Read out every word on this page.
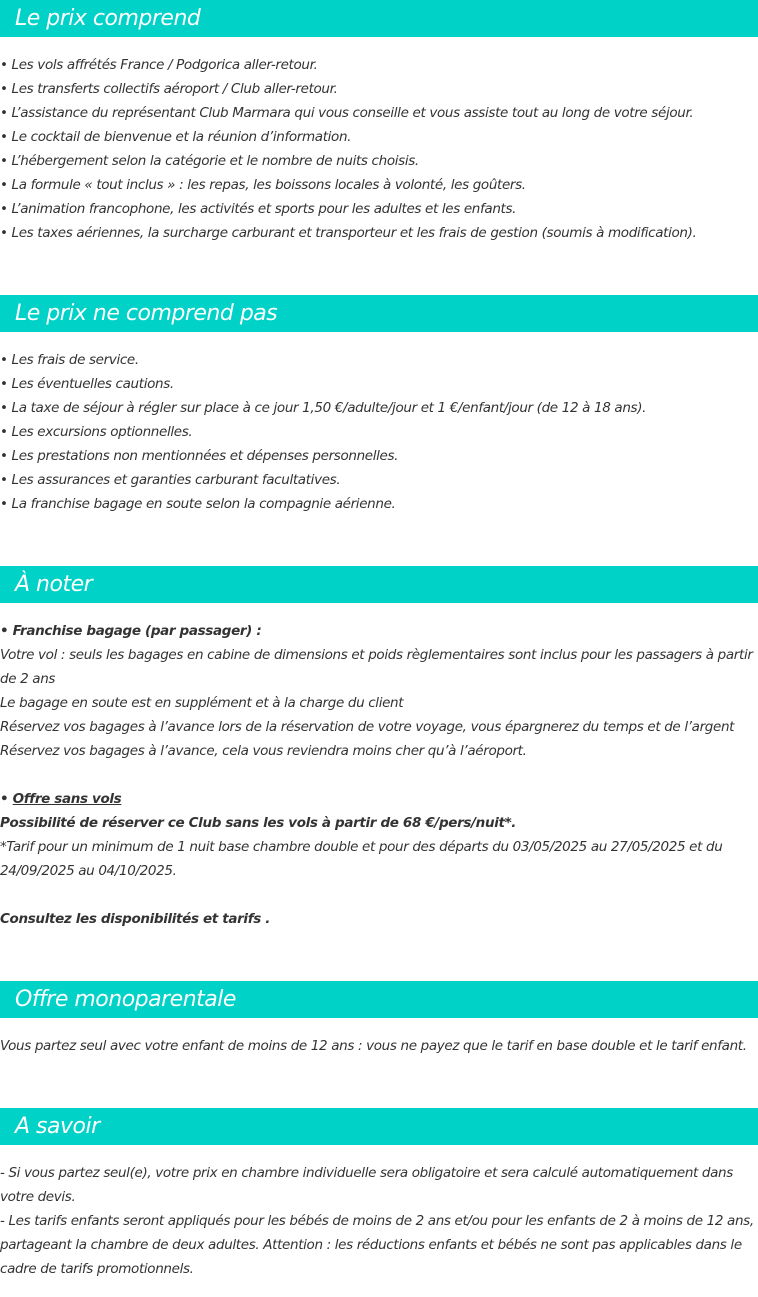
Le prix comprend
• Les vols affrétés France / Podgorica aller-retour.
• Les transferts collectifs aéroport / Club aller-retour.
• L’assistance du représentant Club Marmara qui vous conseille et vous assiste tout au long de votre séjour.
• Le cocktail de bienvenue et la réunion d’information.
• L’hébergement selon la catégorie et le nombre de nuits choisis.
• La formule « tout inclus » : les repas, les boissons locales à volonté, les goûters.
• L’animation francophone, les activités et sports pour les adultes et les enfants.
• Les taxes aériennes, la surcharge carburant et transporteur et les frais de gestion (soumis à modification).
Le prix ne comprend pas
• Les frais de service.
• Les éventuelles cautions.
• La taxe de séjour à régler sur place à ce jour 1,50 €/adulte/jour et 1 €/enfant/jour (de 12 à 18 ans).
• Les excursions optionnelles.
• Les prestations non mentionnées et dépenses personnelles.
• Les assurances et garanties carburant facultatives.
• La franchise bagage en soute selon la compagnie aérienne.
À noter
• Franchise bagage (par passager) :
Votre vol : seuls les bagages en cabine de dimensions et poids règlementaires sont inclus pour les passagers à partir de 2 ans
Le bagage en soute est en supplément et à la charge du client
Réservez vos bagages à l’avance lors de la réservation de votre voyage, vous épargnerez du temps et de l’argent
Réservez vos bagages à l’avance, cela vous reviendra moins cher qu’à l’aéroport.
• Offre sans vols
Possibilité de réserver ce Club sans les vols à partir de 68 €/pers/nuit*.
*Tarif pour un minimum de 1 nuit base chambre double et pour des départs du 03/05/2025 au 27/05/2025 et du 24/09/2025 au 04/10/2025.
Consultez les disponibilités et tarifs .
Offre monoparentale
Vous partez seul avec votre enfant de moins de 12 ans : vous ne payez que le tarif en base double et le tarif enfant.
A savoir
- Si vous partez seul(e), votre prix en chambre individuelle sera obligatoire et sera calculé automatiquement dans votre devis.
- Les tarifs enfants seront appliqués pour les bébés de moins de 2 ans et/ou pour les enfants de 2 à moins de 12 ans, partageant la chambre de deux adultes. Attention : les réductions enfants et bébés ne sont pas applicables dans le cadre de tarifs promotionnels.
